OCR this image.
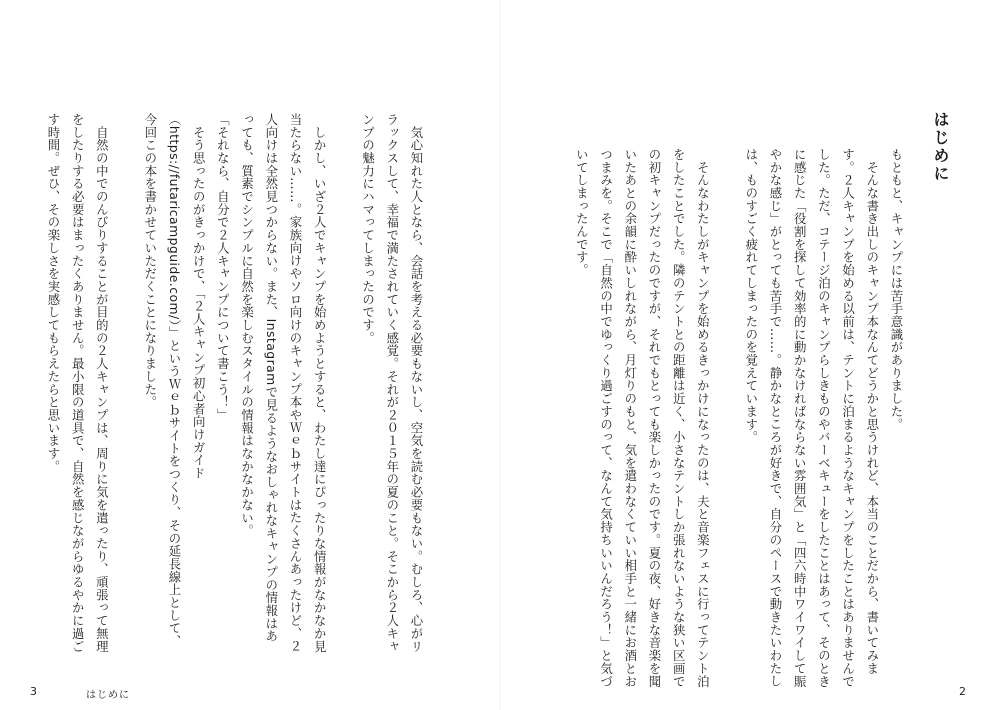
　気心知れた人となら、会話を考える必要もないし、空気を読む必要もない。むしろ、心がリラックスして、幸福で満たされていく感覚。それが２０１５年の夏のこと。そこから２人キャンプの魅力にハマってしまったのです。

　しかし、いざ２人でキャンプを始めようとすると、わたし達にぴったりな情報がなかなか見当たらない……。家族向けやソロ向けのキャンプ本やＷｅｂサイトはたくさんあったけど、２人向けは全然見つからない。また、Instagramで見るようなおしゃれなキャンプの情報はあっても、質素でシンプルに自然を楽しむスタイルの情報はなかなかない。
「それなら、自分で２人キャンプについて書こう！」
　そう思ったのがきっかけで、「２人キャンプ初心者向けガイド（https://futaricampguide.com/）」というＷｅｂサイトをつくり、その延長線上として、今回この本を書かせていただくことになりました。

　自然の中でのんびりすることが目的の２人キャンプは、周りに気を遣ったり、頑張って無理をしたりする必要はまったくありません。最小限の道具で、自然を感じながらゆるやかに過ごす時間。ぜひ、その楽しさを実感してもらえたらと思います。
3	はじめに
はじめに
もともと、キャンプには苦手意識がありました。
　そんな書き出しのキャンプ本なんてどうかと思うけれど、本当のことだから、書いてみます。２人キャンプを始める以前は、テントに泊まるようなキャンプをしたことはありませんでした。ただ、コテージ泊のキャンプらしきものやバーベキューをしたことはあって、そのときに感じた「役割を探して効率的に動かなければならない雰囲気」と「四六時中ワイワイして賑やかな感じ」がとっても苦手で……。静かなところが好きで、自分のペースで動きたいわたしは、ものすごく疲れてしまったのを覚えています。

　そんなわたしがキャンプを始めるきっかけになったのは、夫と音楽フェスに行ってテント泊をしたことでした。隣のテントとの距離は近く、小さなテントしか張れないような狭い区画での初キャンプだったのですが、それでもとっても楽しかったのです。夏の夜、好きな音楽を聞いたあとの余韻に酔いしれながら、月灯りのもと、気を遣わなくていい相手と一緒にお酒とおつまみを。そこで「自然の中でゆっくり過ごすのって、なんて気持ちいいんだろう！」と気づいてしまったんです。
2
